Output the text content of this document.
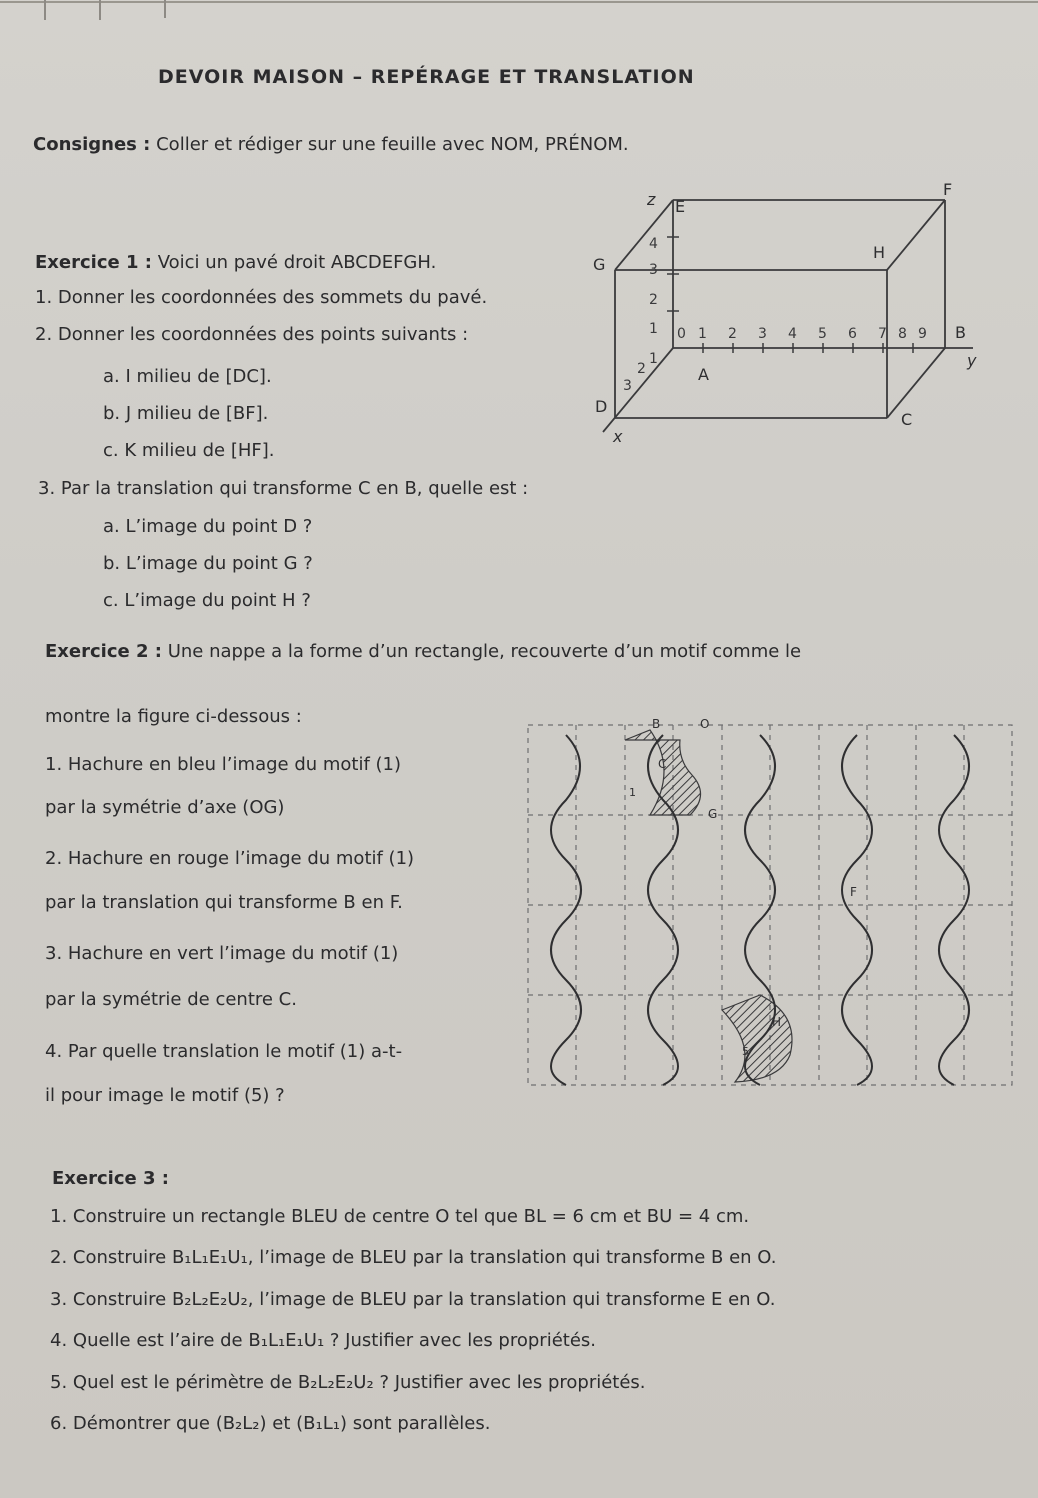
DEVOIR MAISON – REPÉRAGE ET TRANSLATION
Consignes : Coller et rédiger sur une feuille avec NOM, PRÉNOM.
Exercice 1 : Voici un pavé droit ABCDEFGH.
1. Donner les coordonnées des sommets du pavé.
2. Donner les coordonnées des points suivants :
a. I milieu de [DC].
b. J milieu de [BF].
c. K milieu de [HF].
3. Par la translation qui transforme C en B, quelle est :
a. L’image du point D ?
b. L’image du point G ?
c. L’image du point H ?
0 1 2 3 4 5 6 7 8 9
1
2
3
4
1
2
3
E
F
G
H
B
A
D
C
z
y
x
Exercice 2 : Une nappe a la forme d’un rectangle, recouverte d’un motif comme le
montre la figure ci-dessous :
1. Hachure en bleu l’image du motif (1)
par la symétrie d’axe (OG)
2. Hachure en rouge l’image du motif (1)
par la translation qui transforme B en F.
3. Hachure en vert l’image du motif (1)
par la symétrie de centre C.
4. Par quelle translation le motif (1) a-t-
il pour image le motif (5) ?
B	O
C
G
F
H
1
5
Exercice 3 :
1. Construire un rectangle BLEU de centre O tel que BL = 6 cm et BU = 4 cm.
2. Construire B₁L₁E₁U₁, l’image de BLEU par la translation qui transforme B en O.
3. Construire B₂L₂E₂U₂, l’image de BLEU par la translation qui transforme E en O.
4. Quelle est l’aire de B₁L₁E₁U₁ ? Justifier avec les propriétés.
5. Quel est le périmètre de B₂L₂E₂U₂ ? Justifier avec les propriétés.
6. Démontrer que (B₂L₂) et (B₁L₁) sont parallèles.
